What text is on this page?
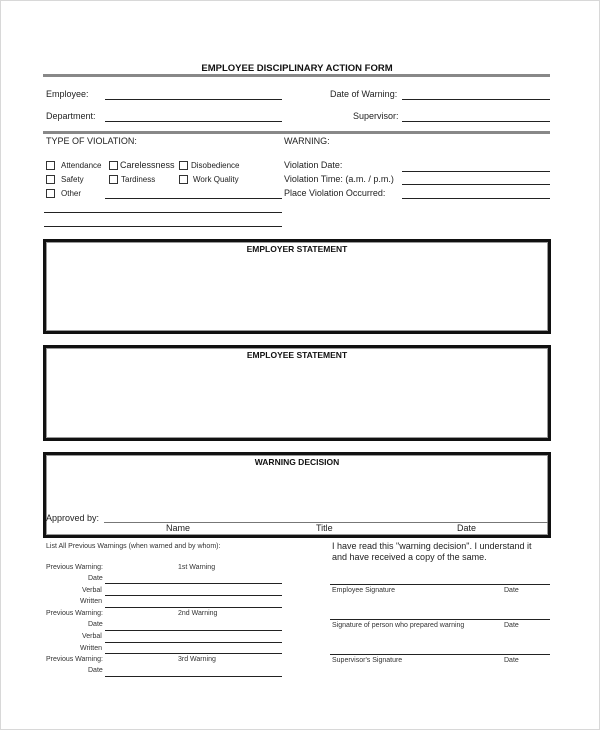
EMPLOYEE DISCIPLINARY ACTION FORM
Employee:	Date of Warning:
Department:	Supervisor:
TYPE OF VIOLATION:
Attendance Carelessness Disobedience
Safety	Tardiness	Work Quality
Other
WARNING:
Violation Date:
Violation Time: (a.m. / p.m.)
Place Violation Occurred:
EMPLOYER STATEMENT
EMPLOYEE STATEMENT
WARNING DECISION
Approved by:
Name	Title	Date
List All Previous Warnings (when warned and by whom):
Previous Warning:	1st Warning
Date
Verbal
Written
Previous Warning:	2nd Warning
Date
Verbal
Written
Previous Warning:	3rd Warning
Date
I have read this "warning decision". I understand it
and have received a copy of the same.
Employee Signature	Date
Signature of person who prepared warning	Date
Supervisor's Signature	Date
